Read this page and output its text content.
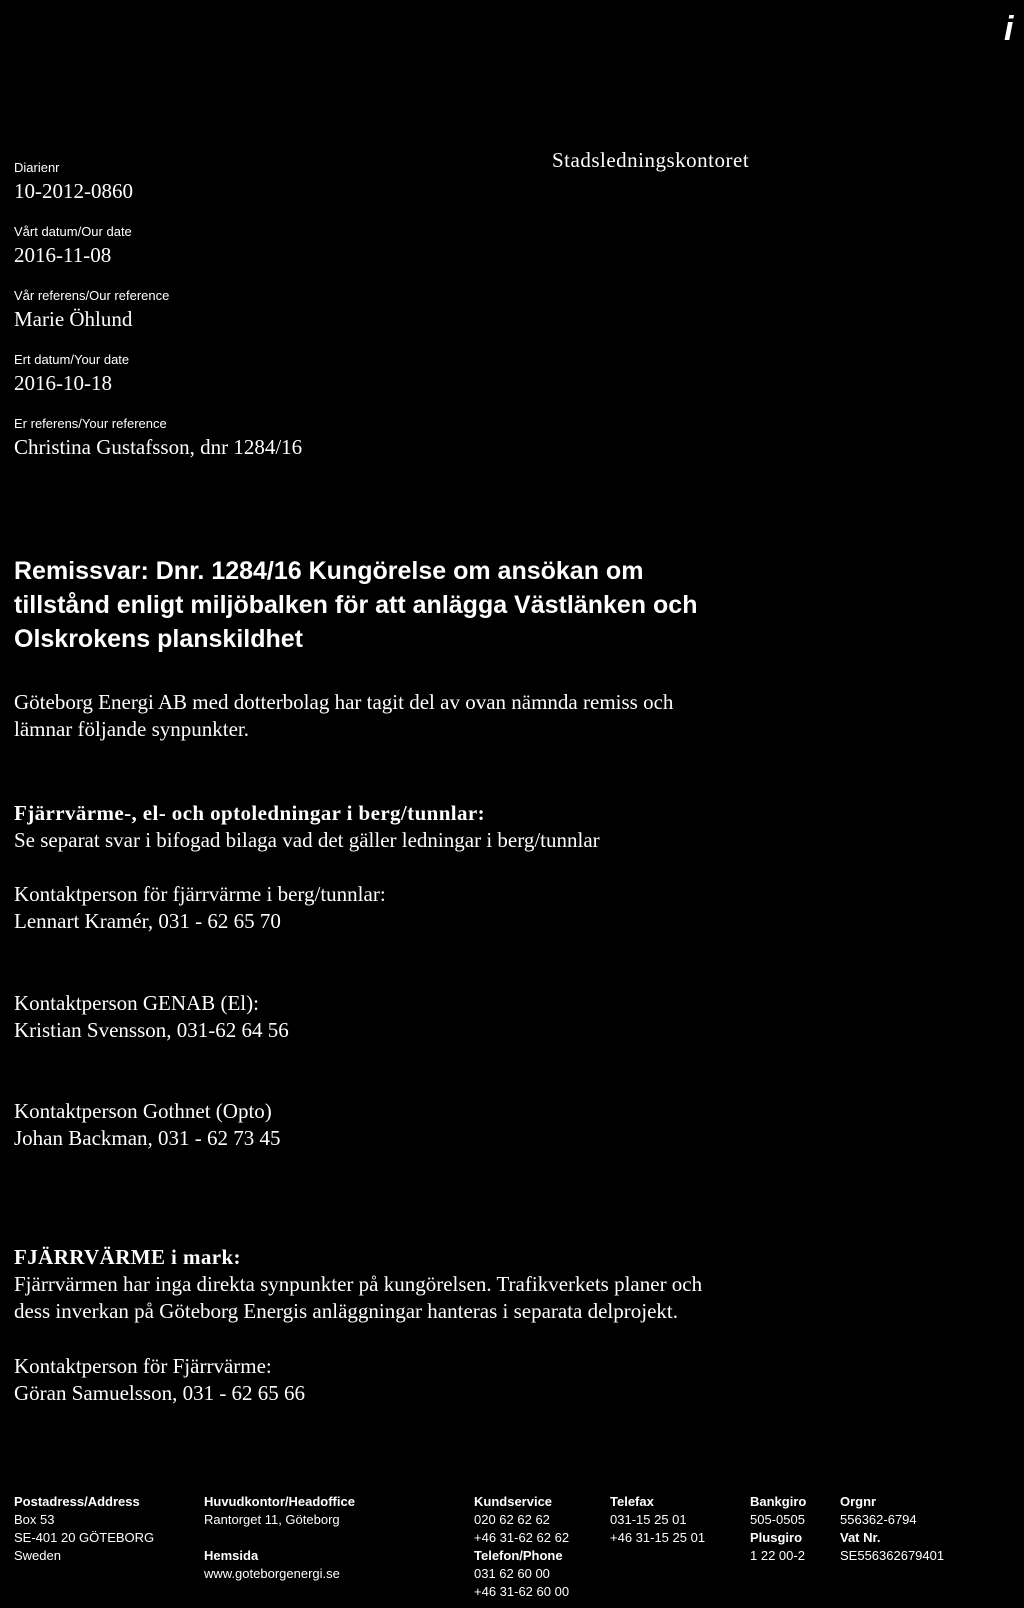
i
Stadsledningskontoret
Diarienr
10-2012-0860
Vårt datum/Our date
2016-11-08
Vår referens/Our reference
Marie Öhlund
Ert datum/Your date
2016-10-18
Er referens/Your reference
Christina Gustafsson, dnr 1284/16
Remissvar: Dnr. 1284/16 Kungörelse om ansökan om
tillstånd enligt miljöbalken för att anlägga Västlänken och
Olskrokens planskildhet
Göteborg Energi AB med dotterbolag har tagit del av ovan nämnda remiss och
lämnar följande synpunkter.
Fjärrvärme-, el- och optoledningar i berg/tunnlar:
Se separat svar i bifogad bilaga vad det gäller ledningar i berg/tunnlar
Kontaktperson för fjärrvärme i berg/tunnlar:
Lennart Kramér, 031 - 62 65 70
Kontaktperson GENAB (El):
Kristian Svensson, 031-62 64 56
Kontaktperson Gothnet (Opto)
Johan Backman, 031 - 62 73 45
FJÄRRVÄRME i mark:
Fjärrvärmen har inga direkta synpunkter på kungörelsen. Trafikverkets planer och
dess inverkan på Göteborg Energis anläggningar hanteras i separata delprojekt.
Kontaktperson för Fjärrvärme:
Göran Samuelsson, 031 - 62 65 66
Postadress/Address
Box 53
SE-401 20 GÖTEBORG
Sweden
Huvudkontor/Headoffice
Rantorget 11, Göteborg

Hemsida
www.goteborgenergi.se
Kundservice
020 62 62 62
+46 31-62 62 62
Telefon/Phone
031 62 60 00
+46 31-62 60 00
Telefax
031-15 25 01
+46 31-15 25 01
Bankgiro
505-0505
Plusgiro
1 22 00-2
Orgnr
556362-6794
Vat Nr.
SE556362679401
